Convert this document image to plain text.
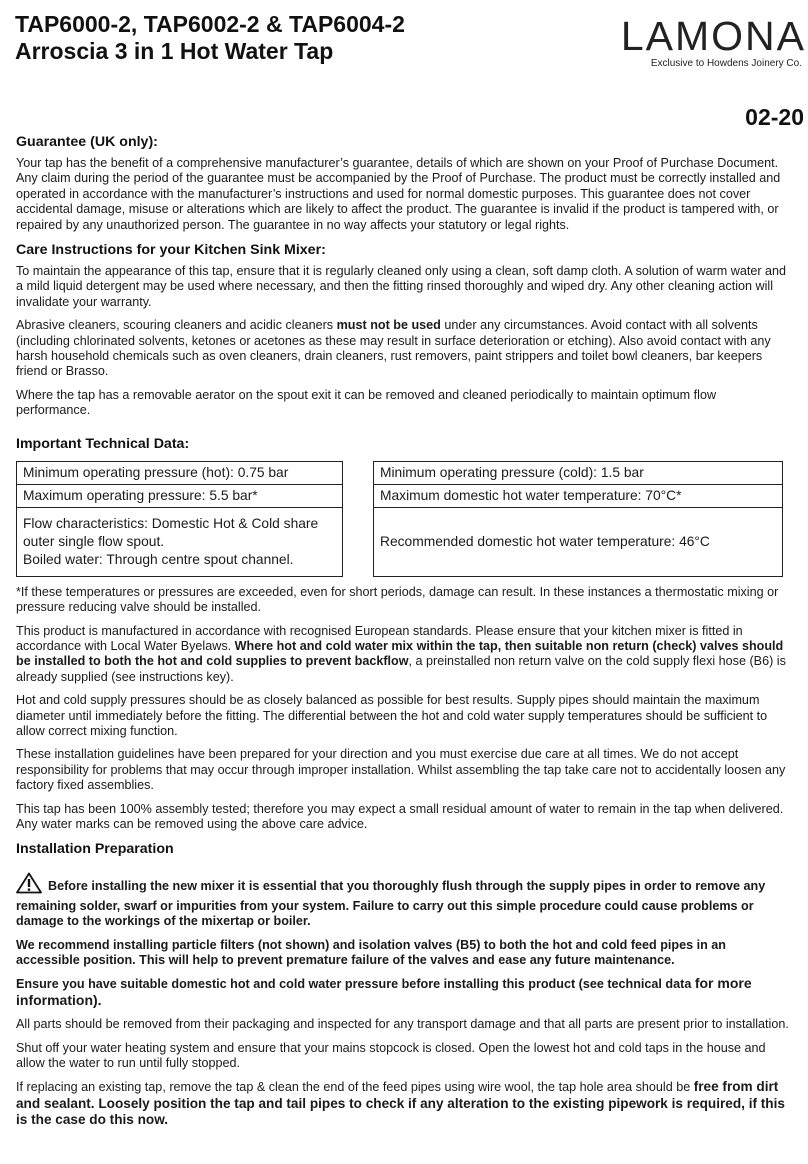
TAP6000-2, TAP6002-2 & TAP6004-2
Arroscia 3 in 1 Hot Water Tap	LAMONA
Exclusive to Howdens Joinery Co.
02-20
Guarantee (UK only):

Your tap has the benefit of a comprehensive manufacturer’s guarantee, details of which are shown on your Proof of Purchase Document. Any claim during the period of the guarantee must be accompanied by the Proof of Purchase. The product must be correctly installed and operated in accordance with the manufacturer’s instructions and used for normal domestic purposes. This guarantee does not cover accidental damage, misuse or alterations which are likely to affect the product. The guarantee is invalid if the product is tampered with, or repaired by any unauthorized person. The guarantee in no way affects your statutory or legal rights.

Care Instructions for your Kitchen Sink Mixer:

To maintain the appearance of this tap, ensure that it is regularly cleaned only using a clean, soft damp cloth. A solution of warm water and a mild liquid detergent may be used where necessary, and then the fitting rinsed thoroughly and wiped dry. Any other cleaning action will invalidate your warranty.

Abrasive cleaners, scouring cleaners and acidic cleaners must not be used under any circumstances. Avoid contact with all solvents (including chlorinated solvents, ketones or acetones as these may result in surface deterioration or etching). Also avoid contact with any harsh household chemicals such as oven cleaners, drain cleaners, rust removers, paint strippers and toilet bowl cleaners, bar keepers friend or Brasso.

Where the tap has a removable aerator on the spout exit it can be removed and cleaned periodically to maintain optimum flow performance.

Important Technical Data:
Minimum operating pressure (hot): 0.75 bar
Maximum operating pressure: 5.5 bar*
Flow characteristics: Domestic Hot & Cold share
outer single flow spout.
Boiled water: Through centre spout channel.
Minimum operating pressure (cold): 1.5 bar
Maximum domestic hot water temperature: 70°C*
Recommended domestic hot water temperature: 46°C

*If these temperatures or pressures are exceeded, even for short periods, damage can result. In these instances a thermostatic mixing or pressure reducing valve should be installed.

This product is manufactured in accordance with recognised European standards. Please ensure that your kitchen mixer is fitted in accordance with Local Water Byelaws. Where hot and cold water mix within the tap, then suitable non return (check) valves should be installed to both the hot and cold supplies to prevent backflow, a preinstalled non return valve on the cold supply flexi hose (B6) is already supplied (see instructions key).

Hot and cold supply pressures should be as closely balanced as possible for best results. Supply pipes should maintain the maximum diameter until immediately before the fitting. The differential between the hot and cold water supply temperatures should be sufficient to allow correct mixing function.

These installation guidelines have been prepared for your direction and you must exercise due care at all times. We do not accept responsibility for problems that may occur through improper installation. Whilst assembling the tap take care not to accidentally loosen any factory fixed assemblies.

This tap has been 100% assembly tested; therefore you may expect a small residual amount of water to remain in the tap when delivered. Any water marks can be removed using the above care advice.

Installation Preparation

Before installing the new mixer it is essential that you thoroughly flush through the supply pipes in order to remove any remaining solder, swarf or impurities from your system. Failure to carry out this simple procedure could cause problems or damage to the workings of the mixertap or boiler.

We recommend installing particle filters (not shown) and isolation valves (B5) to both the hot and cold feed pipes in an accessible position. This will help to prevent premature failure of the valves and ease any future maintenance.

Ensure you have suitable domestic hot and cold water pressure before installing this product (see technical data for more information).

All parts should be removed from their packaging and inspected for any transport damage and that all parts are present prior to installation.

Shut off your water heating system and ensure that your mains stopcock is closed. Open the lowest hot and cold taps in the house and allow the water to run until fully stopped.

If replacing an existing tap, remove the tap & clean the end of the feed pipes using wire wool, the tap hole area should be free from dirt and sealant. Loosely position the tap and tail pipes to check if any alteration to the existing pipework is required, if this is the case do this now.
